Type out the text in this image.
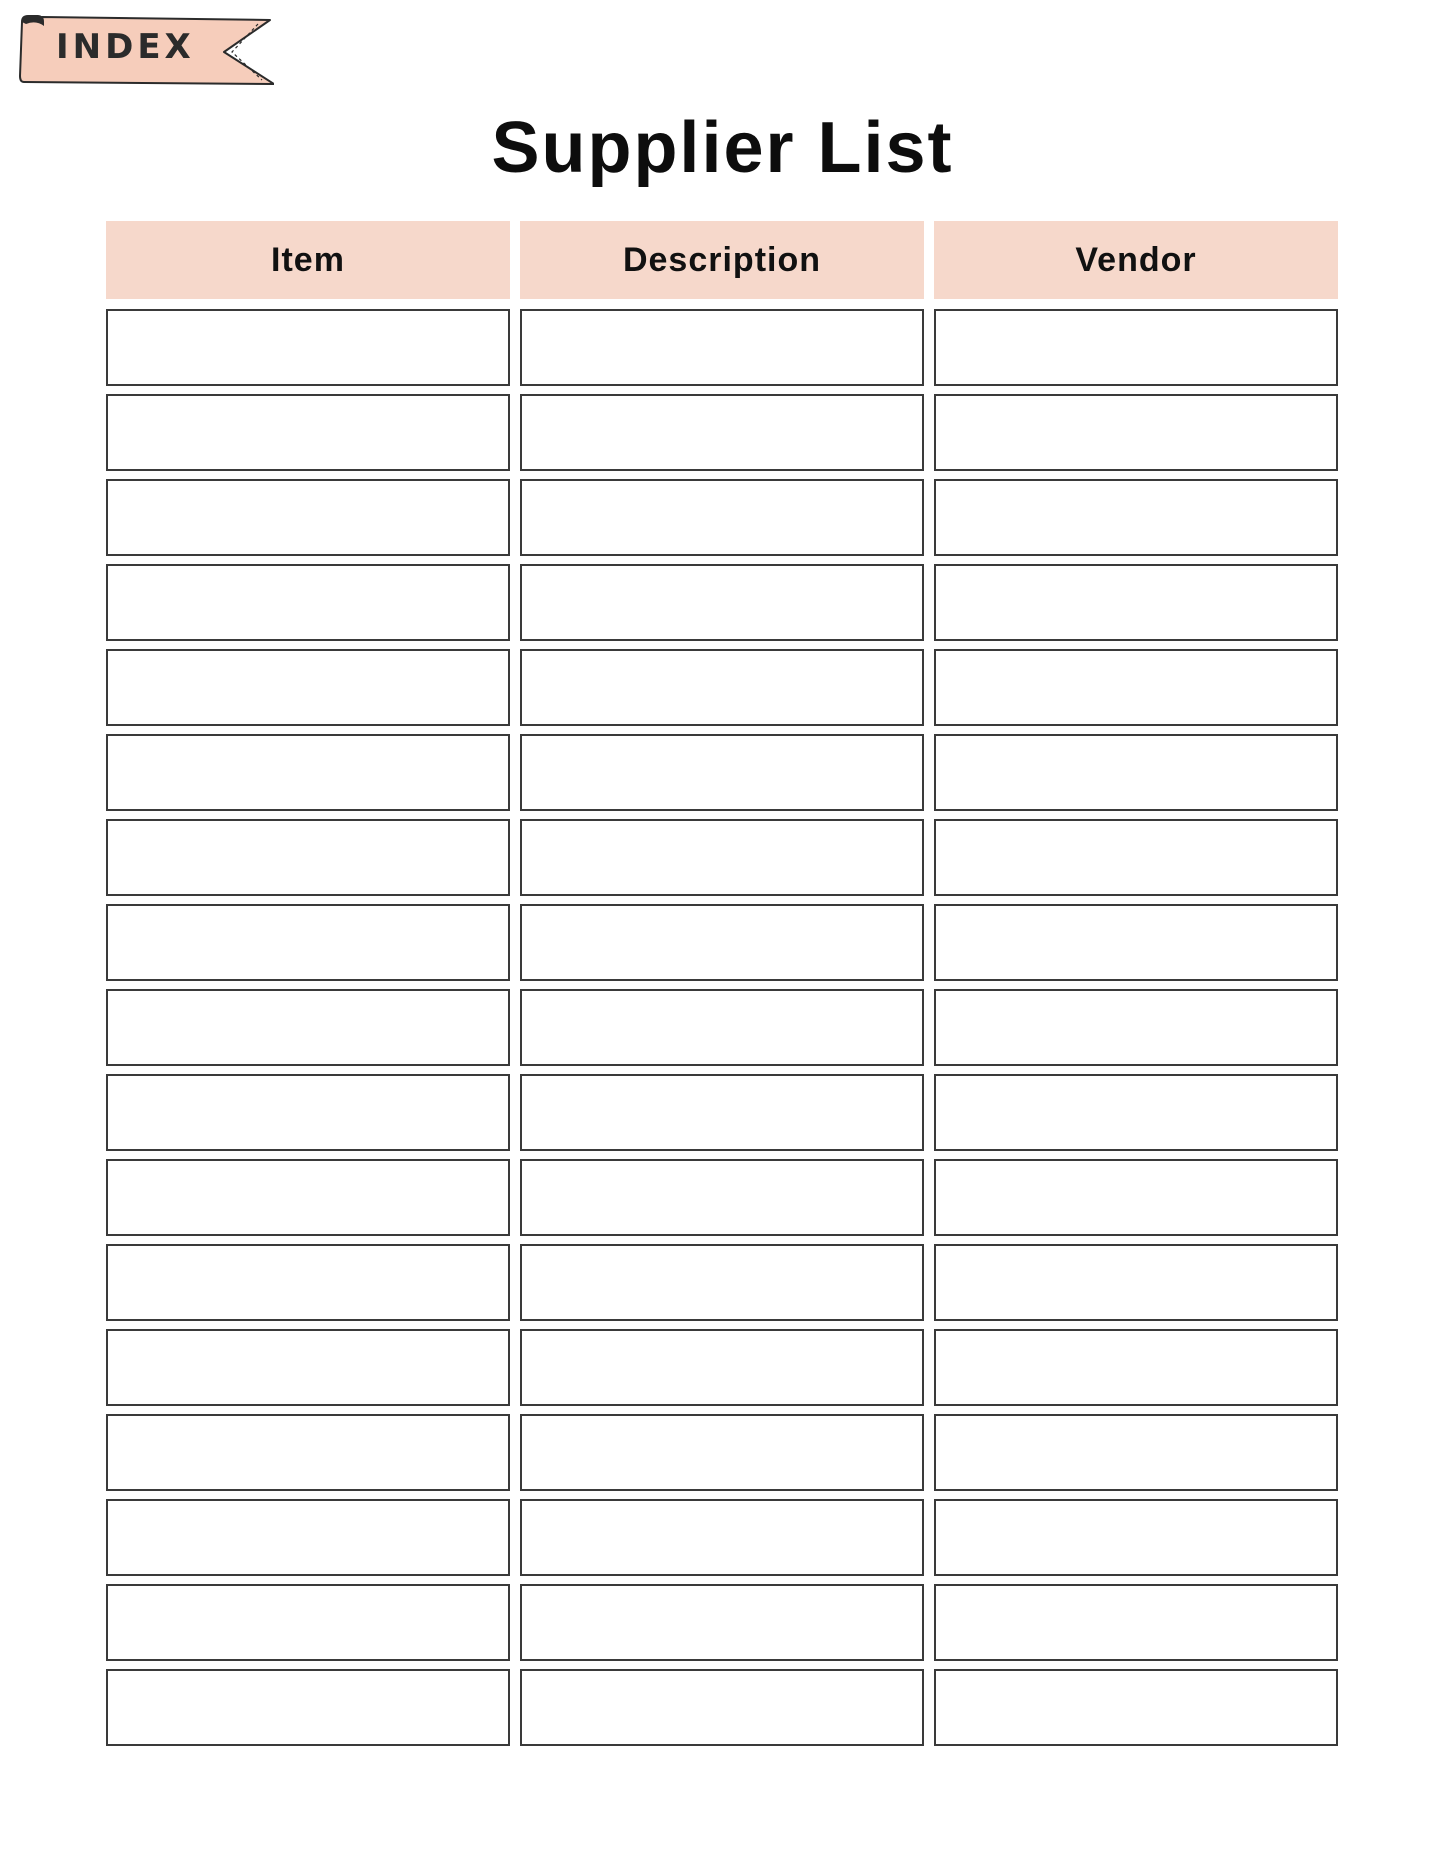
INDEX
Supplier List
Item	Description	Vendor
